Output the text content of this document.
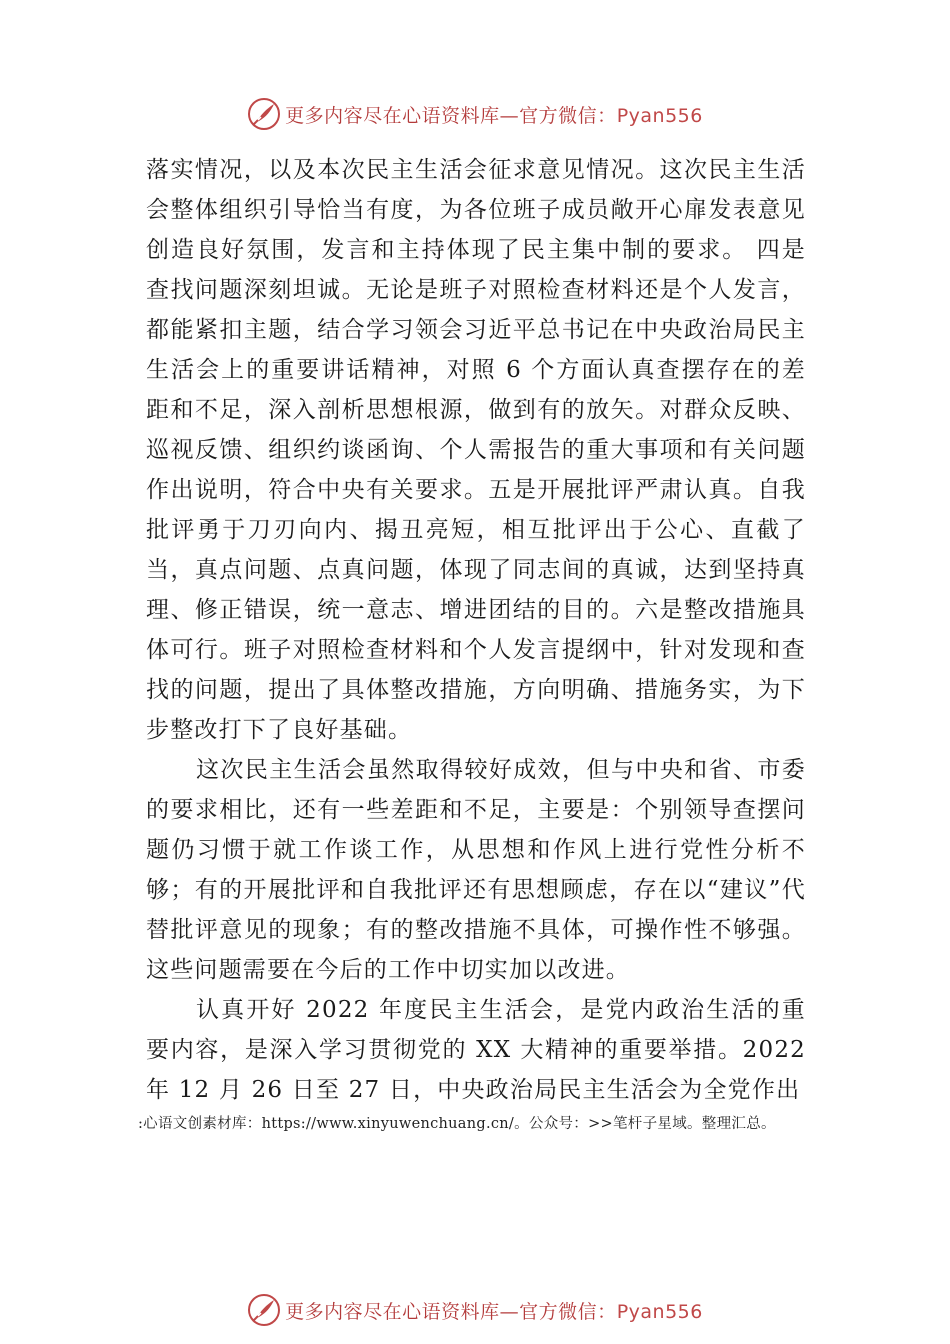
更多内容尽在心语资料库—官方微信：Pyan556

落实情况，以及本次民主生活会征求意见情况。这次民主生活会整体组织引导恰当有度，为各位班子成员敞开心扉发表意见创造良好氛围，发言和主持体现了民主集中制的要求。 四是查找问题深刻坦诚。无论是班子对照检查材料还是个人发言，都能紧扣主题，结合学习领会习近平总书记在中央政治局民主生活会上的重要讲话精神，对照 6 个方面认真查摆存在的差距和不足，深入剖析思想根源，做到有的放矢。对群众反映、巡视反馈、组织约谈函询、个人需报告的重大事项和有关问题作出说明，符合中央有关要求。五是开展批评严肃认真。自我批评勇于刀刃向内、揭丑亮短，相互批评出于公心、直截了当，真点问题、点真问题，体现了同志间的真诚，达到坚持真理、修正错误，统一意志、增进团结的目的。六是整改措施具体可行。班子对照检查材料和个人发言提纲中，针对发现和查找的问题，提出了具体整改措施，方向明确、措施务实，为下步整改打下了良好基础。

这次民主生活会虽然取得较好成效，但与中央和省、市委的要求相比，还有一些差距和不足，主要是：个别领导查摆问题仍习惯于就工作谈工作，从思想和作风上进行党性分析不够；有的开展批评和自我批评还有思想顾虑，存在以“建议”代替批评意见的现象；有的整改措施不具体，可操作性不够强。这些问题需要在今后的工作中切实加以改进。

认真开好 2022 年度民主生活会，是党内政治生活的重要内容，是深入学习贯彻党的 XX 大精神的重要举措。2022 年 12 月 26 日至 27 日，中央政治局民主生活会为全党作出

:心语文创素材库：https://www.xinyuwenchuang.cn/。公众号：>>笔杆子星域。整理汇总。
更多内容尽在心语资料库—官方微信：Pyan556
